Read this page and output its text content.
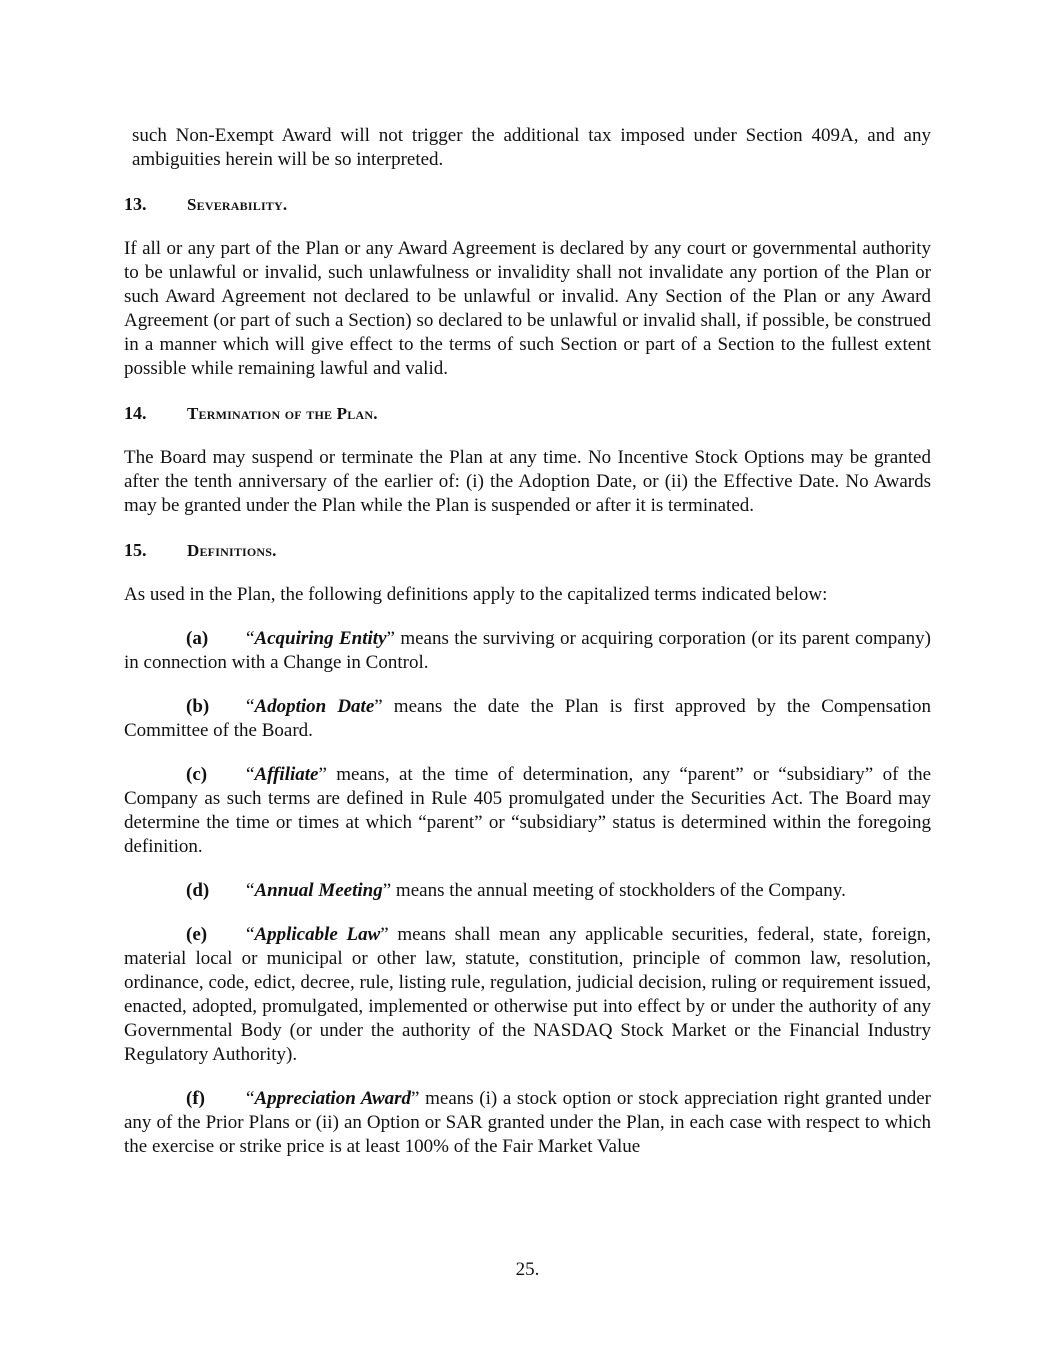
such Non-Exempt Award will not trigger the additional tax imposed under Section 409A, and any ambiguities herein will be so interpreted.

13.	Severability.

If all or any part of the Plan or any Award Agreement is declared by any court or governmental authority to be unlawful or invalid, such unlawfulness or invalidity shall not invalidate any portion of the Plan or such Award Agreement not declared to be unlawful or invalid. Any Section of the Plan or any Award Agreement (or part of such a Section) so declared to be unlawful or invalid shall, if possible, be construed in a manner which will give effect to the terms of such Section or part of a Section to the fullest extent possible while remaining lawful and valid.

14.	Termination of the Plan.

The Board may suspend or terminate the Plan at any time. No Incentive Stock Options may be granted after the tenth anniversary of the earlier of: (i) the Adoption Date, or (ii) the Effective Date. No Awards may be granted under the Plan while the Plan is suspended or after it is terminated.

15.	Definitions.

As used in the Plan, the following definitions apply to the capitalized terms indicated below:

(a) “Acquiring Entity” means the surviving or acquiring corporation (or its parent company) in connection with a Change in Control.

(b) “Adoption Date” means the date the Plan is first approved by the Compensation Committee of the Board.

(c) “Affiliate” means, at the time of determination, any “parent” or “subsidiary” of the Company as such terms are defined in Rule 405 promulgated under the Securities Act. The Board may determine the time or times at which “parent” or “subsidiary” status is determined within the foregoing definition.

(d) “Annual Meeting” means the annual meeting of stockholders of the Company.

(e) “Applicable Law” means shall mean any applicable securities, federal, state, foreign, material local or municipal or other law, statute, constitution, principle of common law, resolution, ordinance, code, edict, decree, rule, listing rule, regulation, judicial decision, ruling or requirement issued, enacted, adopted, promulgated, implemented or otherwise put into effect by or under the authority of any Governmental Body (or under the authority of the NASDAQ Stock Market or the Financial Industry Regulatory Authority).

(f) “Appreciation Award” means (i) a stock option or stock appreciation right granted under any of the Prior Plans or (ii) an Option or SAR granted under the Plan, in each case with respect to which the exercise or strike price is at least 100% of the Fair Market Value

25.
